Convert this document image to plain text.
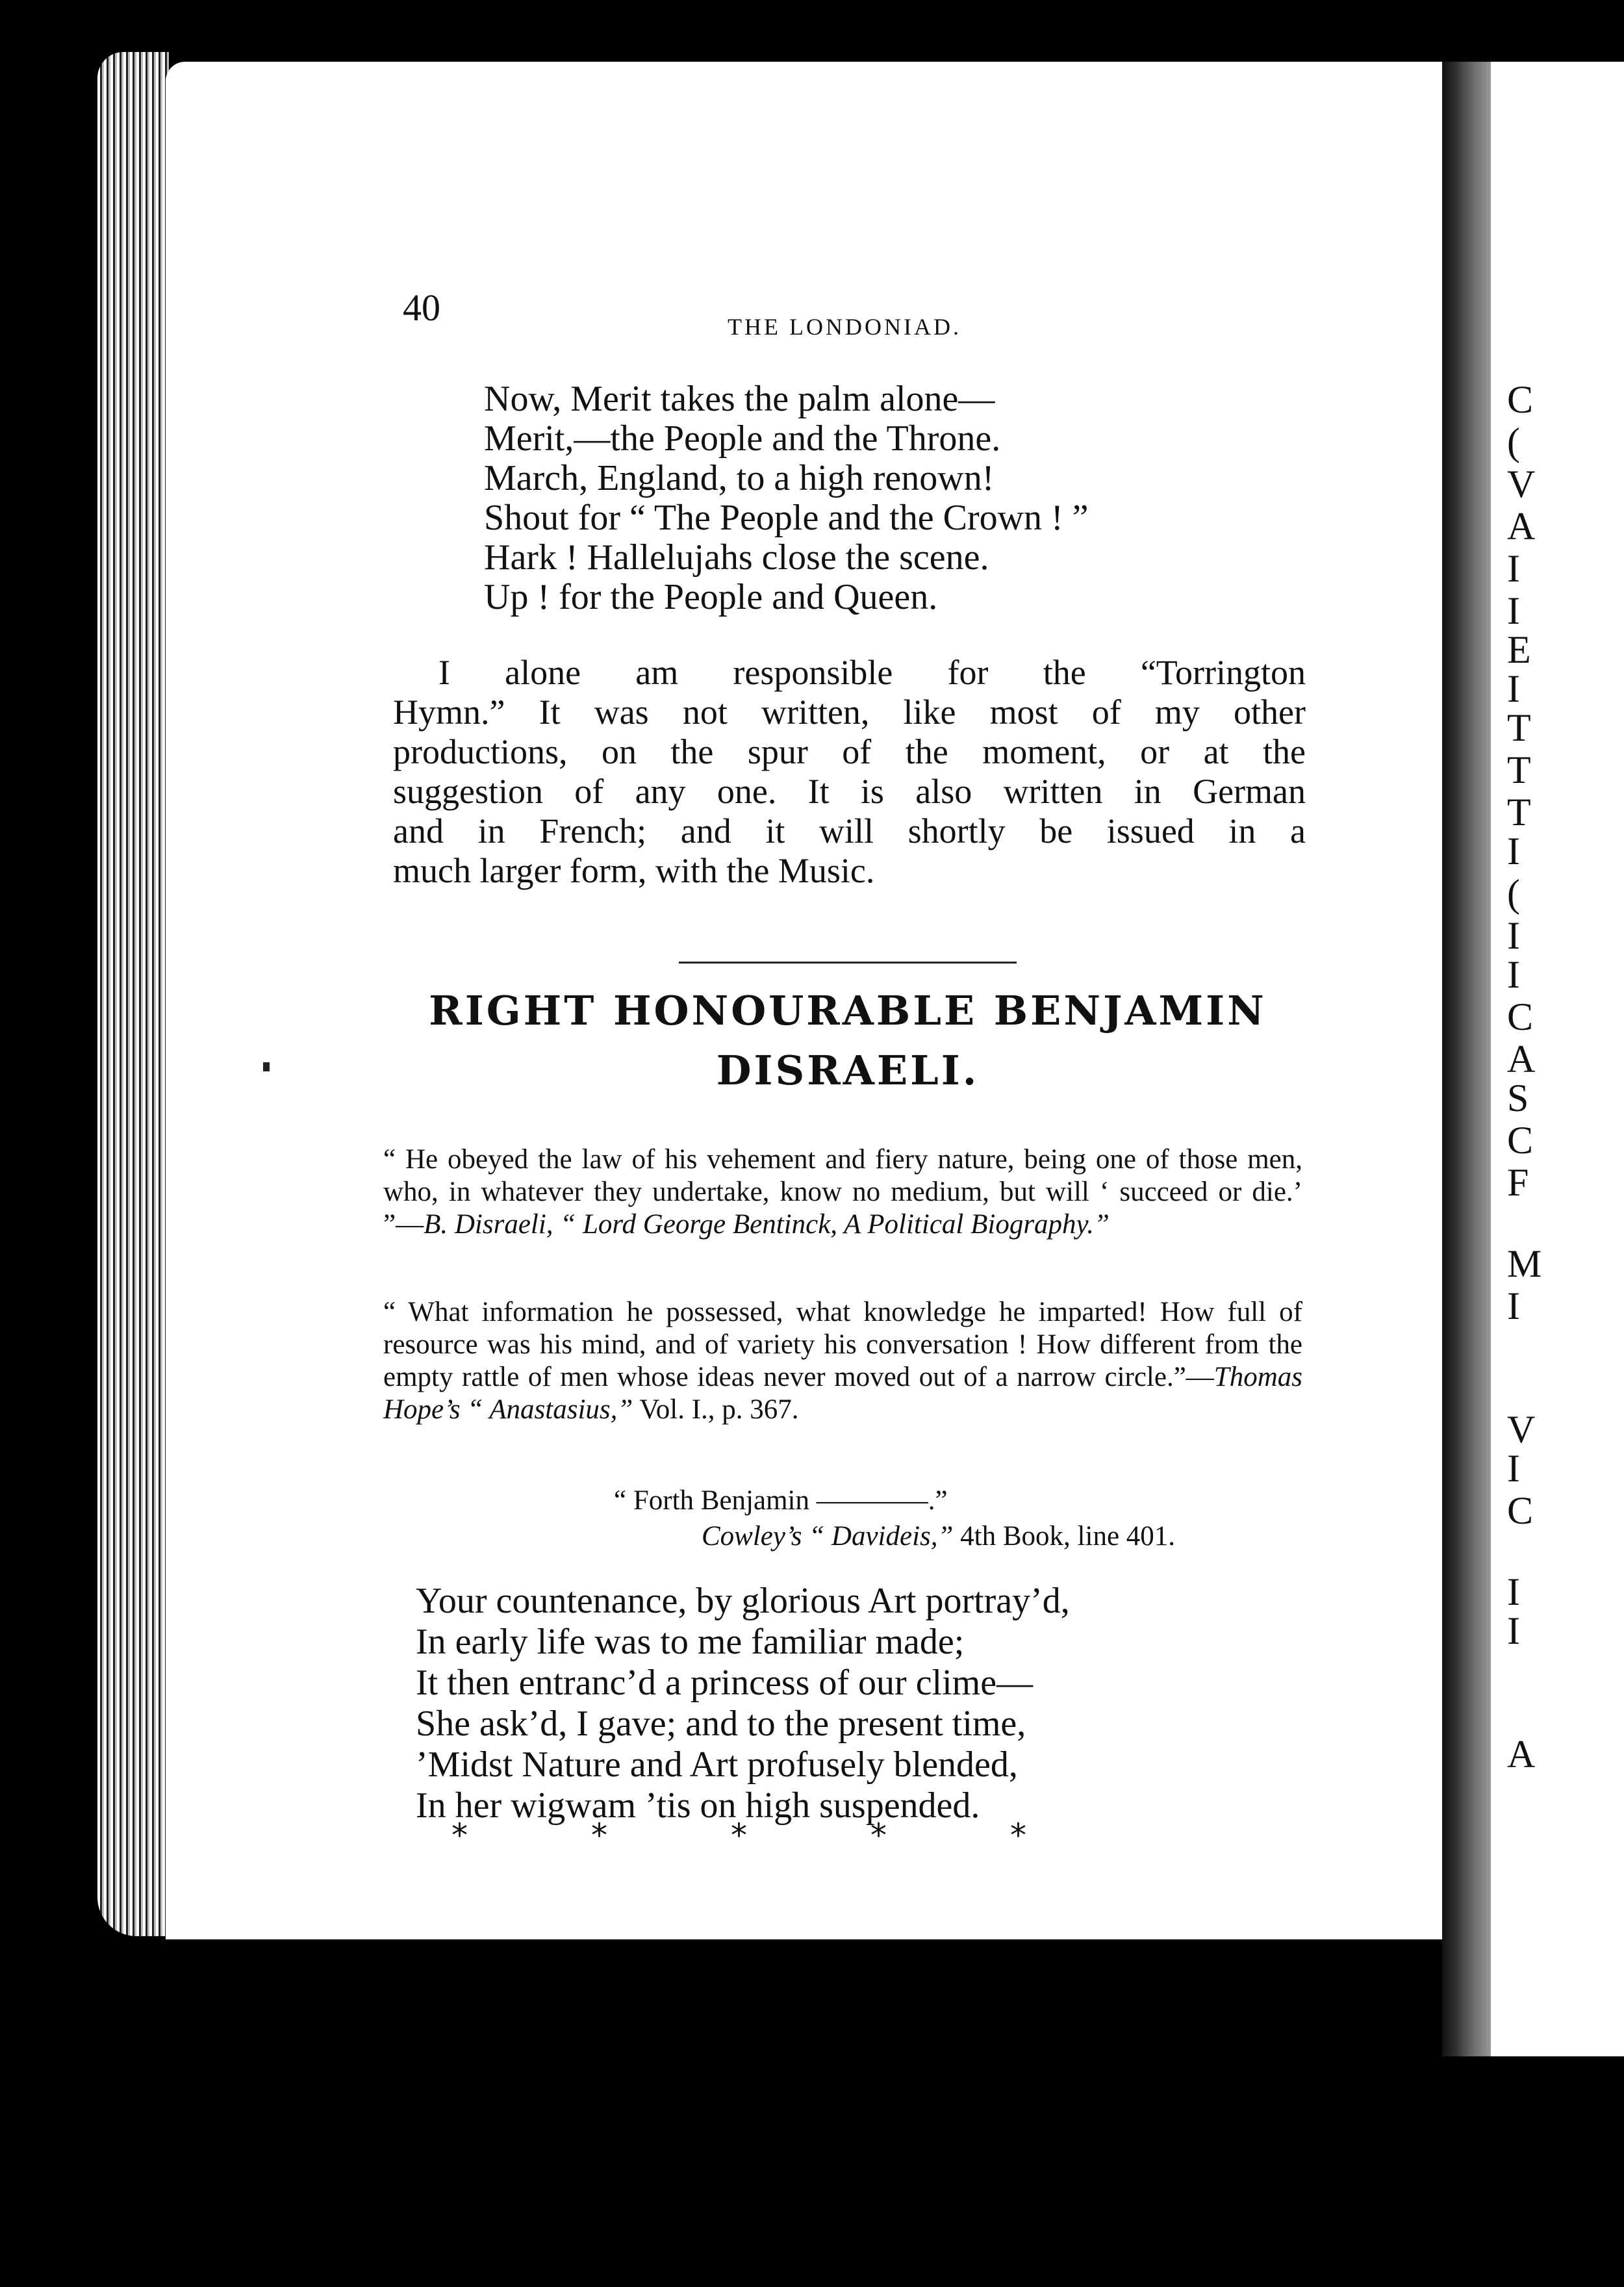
C
(
V
A
I
I
E
I
T
T
T
I
(
I
I
C
A
S
C
F
M
I
V
I
C
I
I
A
40	THE LONDONIAD.
Now, Merit takes the palm alone—
Merit,—the People and the Throne.
March, England, to a high renown!
Shout for “ The People and the Crown ! ”
Hark ! Hallelujahs close the scene.
Up ! for the People and Queen.
I alone am responsible for the “Torrington
Hymn.” It was not written, like most of my other
productions, on the spur of the moment, or at the
suggestion of any one. It is also written in German
and in French; and it will shortly be issued in a
much larger form, with the Music.
RIGHT HONOURABLE BENJAMIN
DISRAELI.
“ He obeyed the law of his vehement and fiery nature, being one of those men, who, in whatever they undertake, know no medium, but will ‘ succeed or die.’ ”—B. Disraeli, “ Lord George Bentinck, A Political Biography.”
“ What information he possessed, what knowledge he imparted! How full of resource was his mind, and of variety his conversation ! How different from the empty rattle of men whose ideas never moved out of a narrow circle.”—Thomas Hope’s “ Anastasius,” Vol. I., p. 367.
“ Forth Benjamin ————.”
Cowley’s “ Davideis,” 4th Book, line 401.
Your countenance, by glorious Art portray’d,
In early life was to me familiar made;
It then entranc’d a princess of our clime—
She ask’d, I gave; and to the present time,
’Midst Nature and Art profusely blended,
In her wigwam ’tis on high suspended.
*	*	*	*	*
